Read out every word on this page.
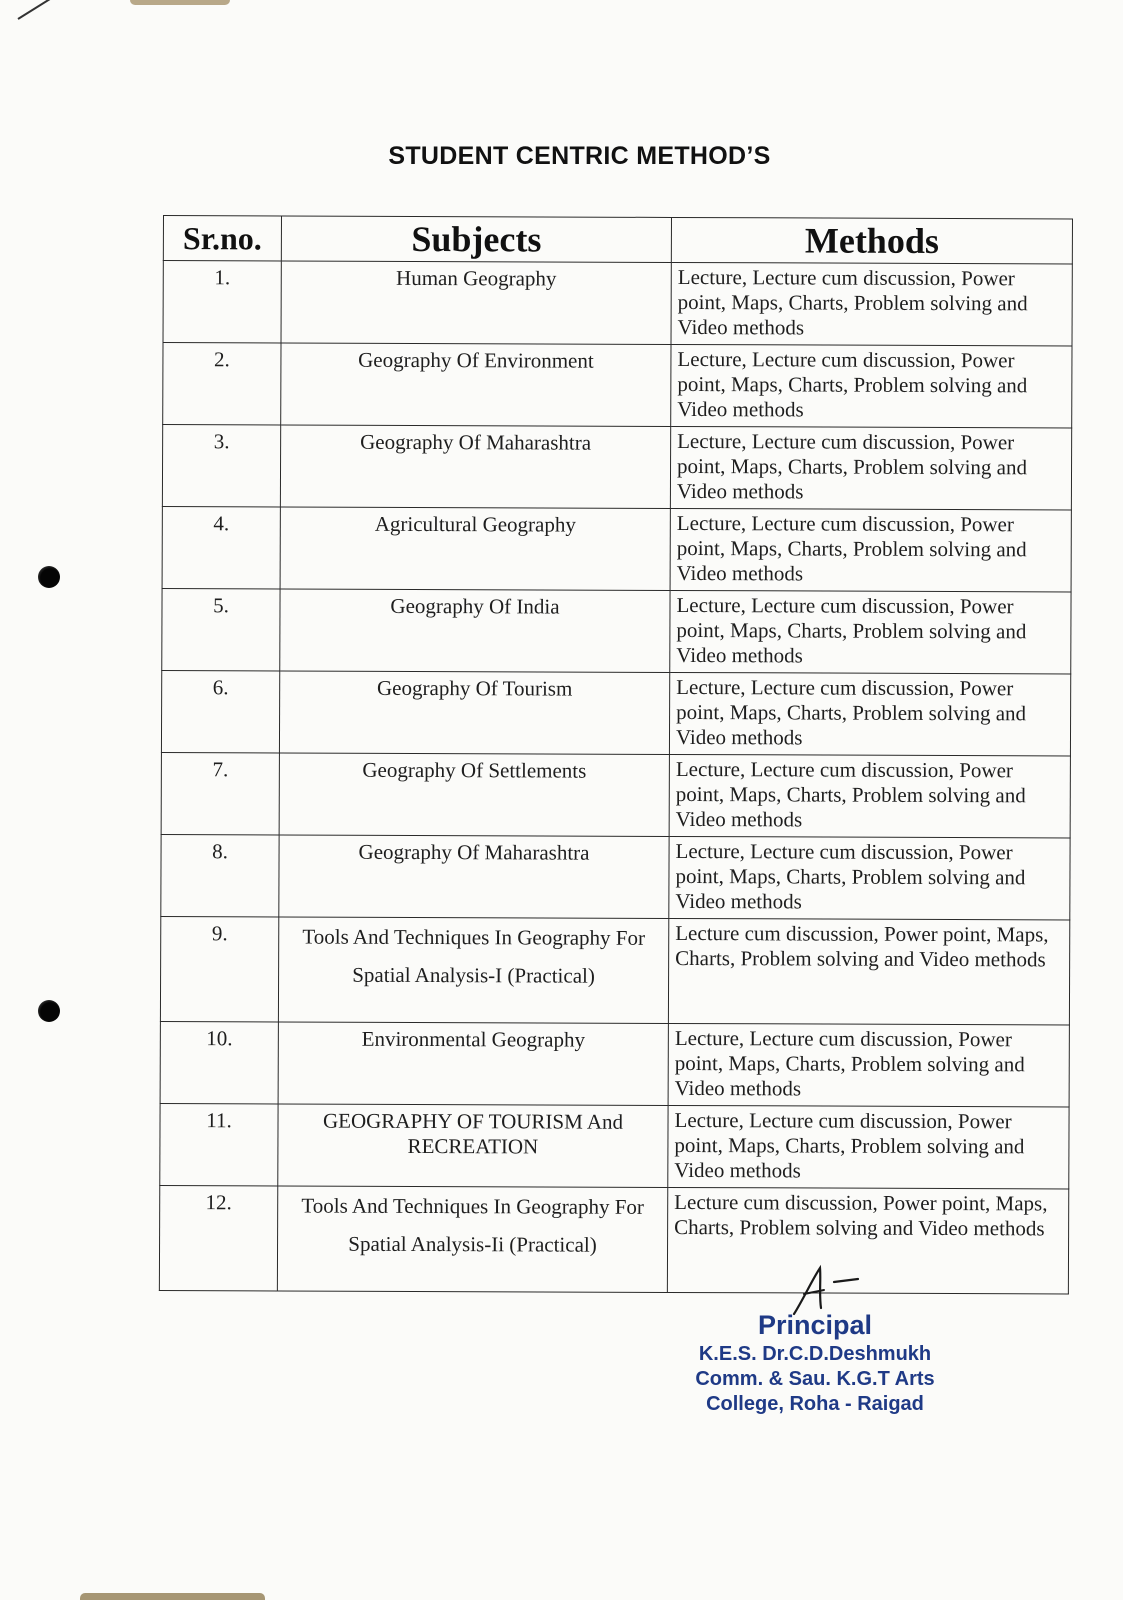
STUDENT CENTRIC METHOD’S
Sr.no.	Subjects	Methods
1.	Human Geography	Lecture, Lecture cum discussion, Power point, Maps, Charts, Problem solving and Video methods
2.	Geography Of Environment	Lecture, Lecture cum discussion, Power point, Maps, Charts, Problem solving and Video methods
3.	Geography Of Maharashtra	Lecture, Lecture cum discussion, Power point, Maps, Charts, Problem solving and Video methods
4.	Agricultural Geography	Lecture, Lecture cum discussion, Power point, Maps, Charts, Problem solving and Video methods
5.	Geography Of India	Lecture, Lecture cum discussion, Power point, Maps, Charts, Problem solving and Video methods
6.	Geography Of Tourism	Lecture, Lecture cum discussion, Power point, Maps, Charts, Problem solving and Video methods
7.	Geography Of Settlements	Lecture, Lecture cum discussion, Power point, Maps, Charts, Problem solving and Video methods
8.	Geography Of Maharashtra	Lecture, Lecture cum discussion, Power point, Maps, Charts, Problem solving and Video methods
9.	Tools And Techniques In Geography For Spatial Analysis-I (Practical)	Lecture cum discussion, Power point, Maps, Charts, Problem solving and Video methods
10.	Environmental Geography	Lecture, Lecture cum discussion, Power point, Maps, Charts, Problem solving and Video methods
11.	GEOGRAPHY OF TOURISM And RECREATION	Lecture, Lecture cum discussion, Power point, Maps, Charts, Problem solving and Video methods
12.	Tools And Techniques In Geography For Spatial Analysis-Ii (Practical)	Lecture cum discussion, Power point, Maps, Charts, Problem solving and Video methods
Principal
K.E.S. Dr.C.D.Deshmukh
Comm. & Sau. K.G.T Arts
College, Roha - Raigad
